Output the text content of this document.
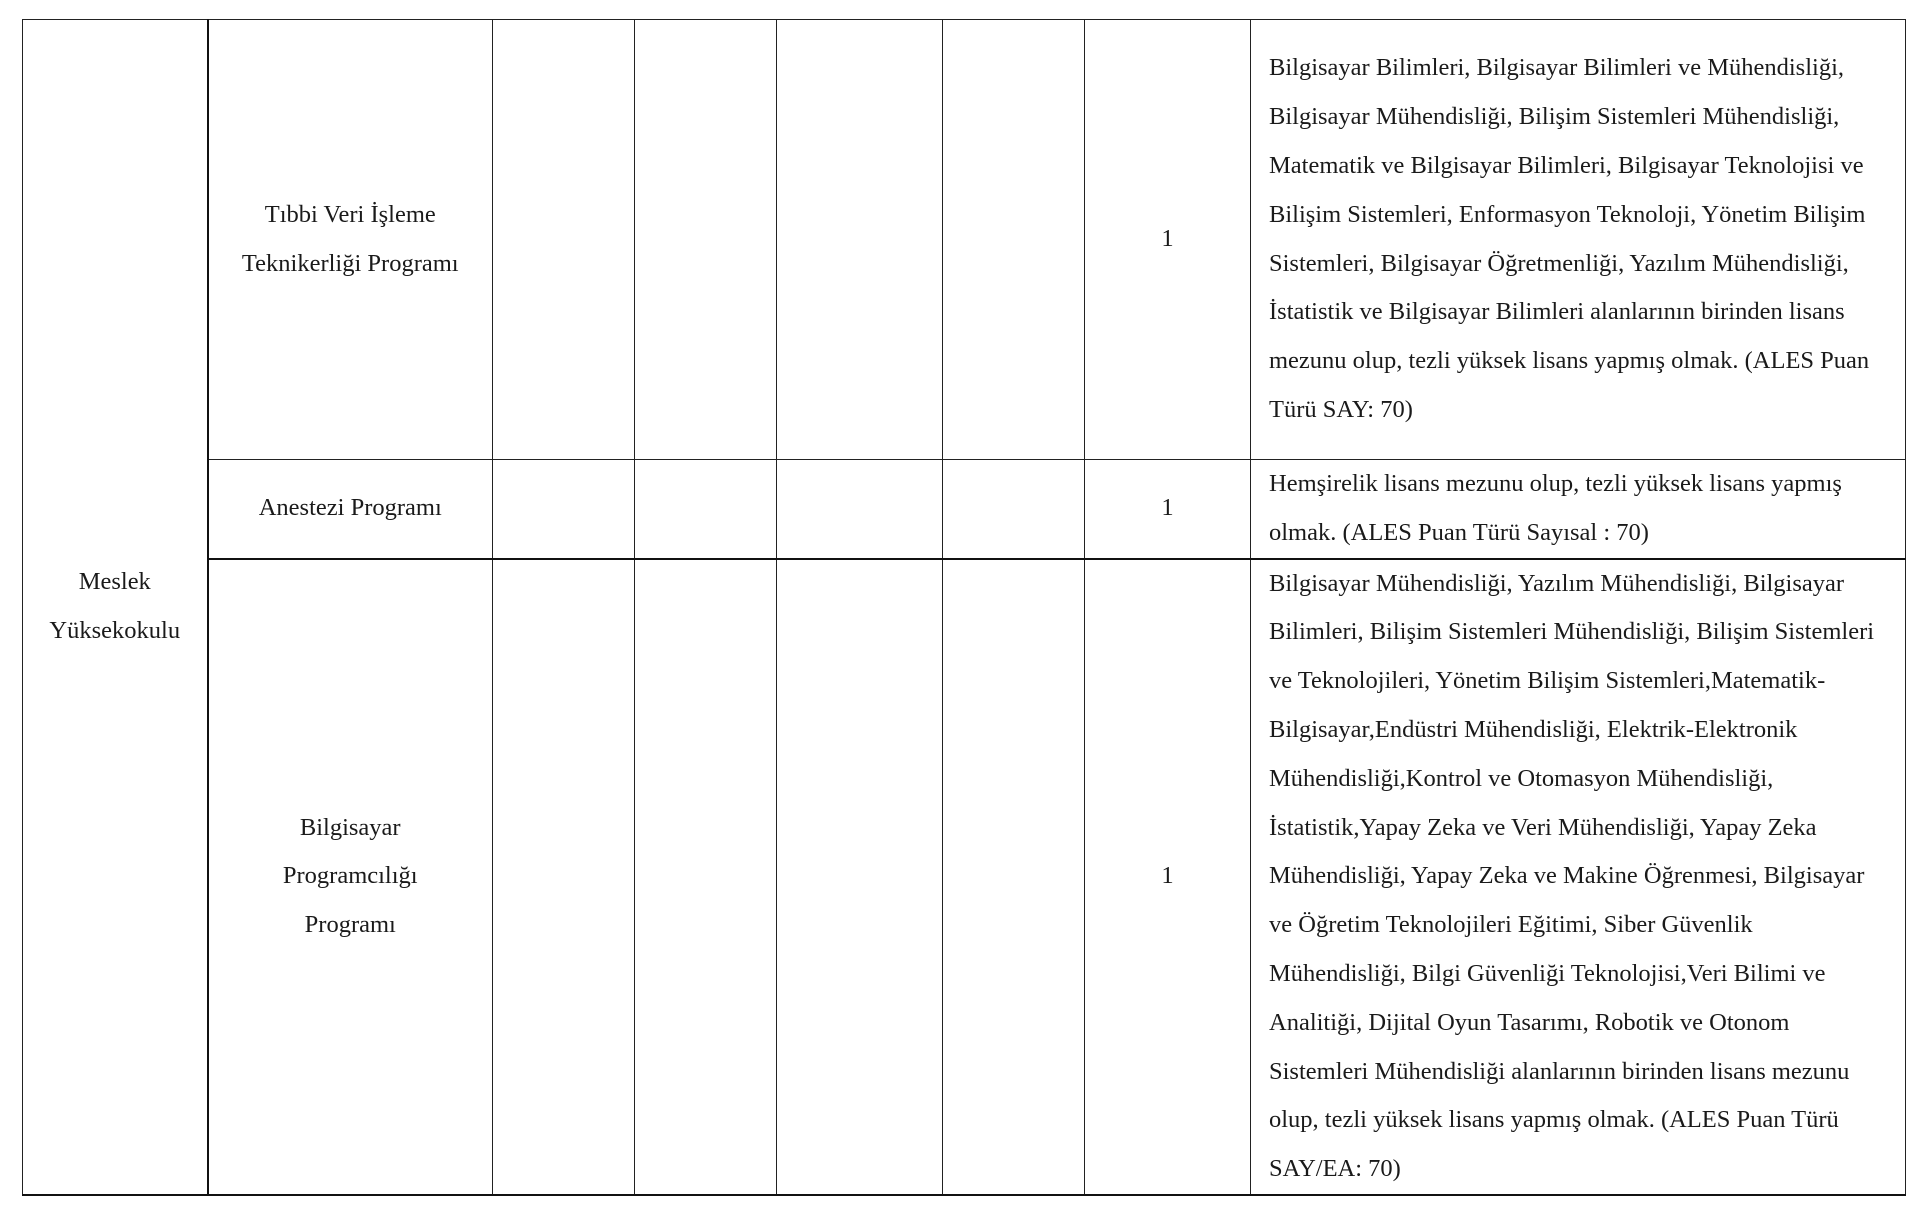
Meslek Yüksekokulu	Tıbbi Veri İşleme Teknikerliği Programı					1	Bilgisayar Bilimleri, Bilgisayar Bilimleri ve Mühendisliği, Bilgisayar Mühendisliği, Bilişim Sistemleri Mühendisliği, Matematik ve Bilgisayar Bilimleri, Bilgisayar Teknolojisi ve Bilişim Sistemleri, Enformasyon Teknoloji, Yönetim Bilişim Sistemleri, Bilgisayar Öğretmenliği, Yazılım Mühendisliği, İstatistik ve Bilgisayar Bilimleri alanlarının birinden lisans mezunu olup, tezli yüksek lisans yapmış olmak. (ALES Puan Türü SAY: 70)

	Anestezi Programı					1	Hemşirelik lisans mezunu olup, tezli yüksek lisans yapmış olmak. (ALES Puan Türü Sayısal : 70)

	Bilgisayar Programcılığı Programı					1	Bilgisayar Mühendisliği, Yazılım Mühendisliği, Bilgisayar Bilimleri, Bilişim Sistemleri Mühendisliği, Bilişim Sistemleri ve Teknolojileri, Yönetim Bilişim Sistemleri,Matematik-Bilgisayar,Endüstri Mühendisliği, Elektrik-Elektronik Mühendisliği,Kontrol ve Otomasyon Mühendisliği, İstatistik,Yapay Zeka ve Veri Mühendisliği, Yapay Zeka Mühendisliği, Yapay Zeka ve Makine Öğrenmesi, Bilgisayar ve Öğretim Teknolojileri Eğitimi, Siber Güvenlik Mühendisliği, Bilgi Güvenliği Teknolojisi,Veri Bilimi ve Analitiği, Dijital Oyun Tasarımı, Robotik ve Otonom Sistemleri Mühendisliği alanlarının birinden lisans mezunu olup, tezli yüksek lisans yapmış olmak. (ALES Puan Türü SAY/EA: 70)
